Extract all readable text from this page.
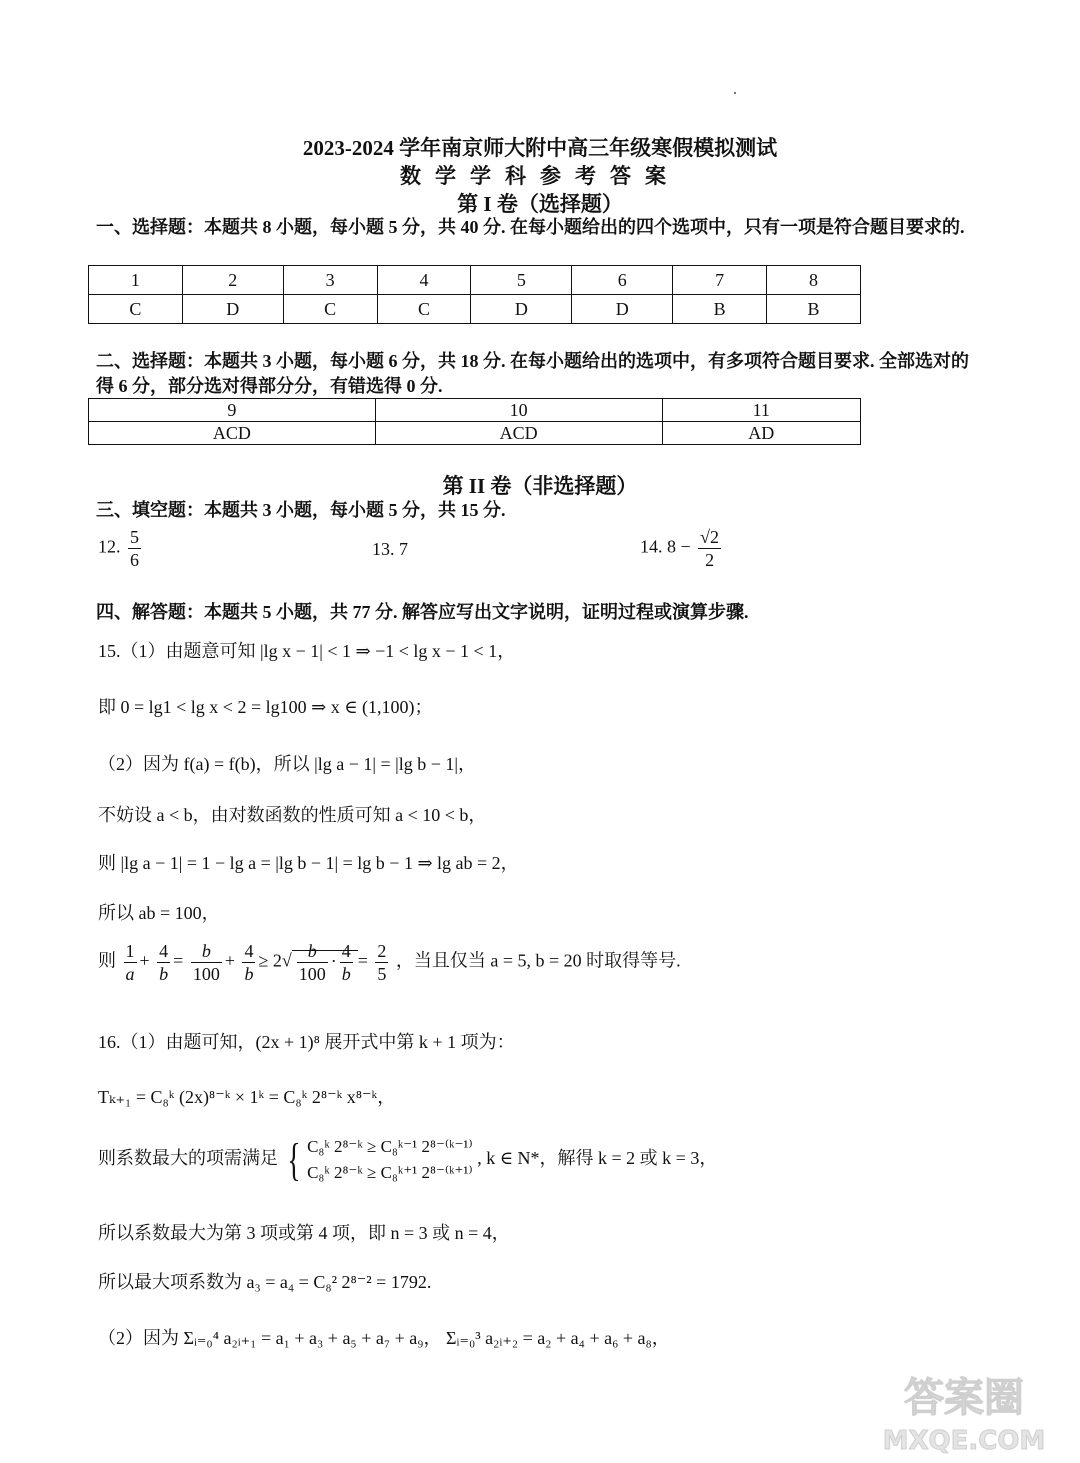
2023-2024 学年南京师大附中高三年级寒假模拟测试
数学学科参考答案
第 I 卷（选择题）
一、选择题：本题共 8 小题，每小题 5 分，共 40 分. 在每小题给出的四个选项中，只有一项是符合题目要求的.
1	2	3	4	5	6	7	8
C	D	C	C	D	D	B	B
二、选择题：本题共 3 小题，每小题 6 分，共 18 分. 在每小题给出的选项中，有多项符合题目要求. 全部选对的得 6 分，部分选对得部分分，有错选得 0 分.
9	10	11
ACD	ACD	AD
第 II 卷（非选择题）
三、填空题：本题共 3 小题，每小题 5 分，共 15 分.
12. $\frac{5}{6}$	13. 7	14. $8 - \frac{√2}{2}$
四、解答题：本题共 5 小题，共 77 分. 解答应写出文字说明，证明过程或演算步骤.
15.（1）由题意可知 |lg x − 1| < 1 ⇒ −1 < lg x − 1 < 1，
即 0 = lg1 < lg x < 2 = lg100 ⇒ x ∈ (1,100)；
（2）因为 f(a) = f(b)，所以 |lg a − 1| = |lg b − 1|，
不妨设 a < b，由对数函数的性质可知 a < 10 < b，
则 |lg a − 1| = 1 − lg a = |lg b − 1| = lg b − 1 ⇒ lg ab = 2，
所以 ab = 100，
则 $\frac{1}{a} + \frac{4}{b} = \frac{b}{100} + \frac{4}{b} \ge 2√ \frac{b}{100} \cdot \frac{4}{b} = \frac{2}{5}$ ，当且仅当 a = 5, b = 20 时取得等号.
16.（1）由题可知，(2x + 1)⁸ 展开式中第 k + 1 项为：
Tₖ₊₁ = C₈ᵏ (2x)⁸⁻ᵏ × 1ᵏ = C₈ᵏ 2⁸⁻ᵏ x⁸⁻ᵏ，
则系数最大的项需满足 { C₈ᵏ 2⁸⁻ᵏ ≥ C₈ᵏ⁻¹ 2⁸⁻⁽ᵏ⁻¹⁾
C₈ᵏ 2⁸⁻ᵏ ≥ C₈ᵏ⁺¹ 2⁸⁻⁽ᵏ⁺¹⁾
, k ∈ N*，解得 k = 2 或 k = 3，
所以系数最大为第 3 项或第 4 项，即 n = 3 或 n = 4，
所以最大项系数为 a₃ = a₄ = C₈² 2⁸⁻² = 1792.
（2）因为 Σᵢ₌₀⁴ a₂ᵢ₊₁ = a₁ + a₃ + a₅ + a₇ + a₉， Σᵢ₌₀³ a₂ᵢ₊₂ = a₂ + a₄ + a₆ + a₈，
答案圈
MXQE.COM
